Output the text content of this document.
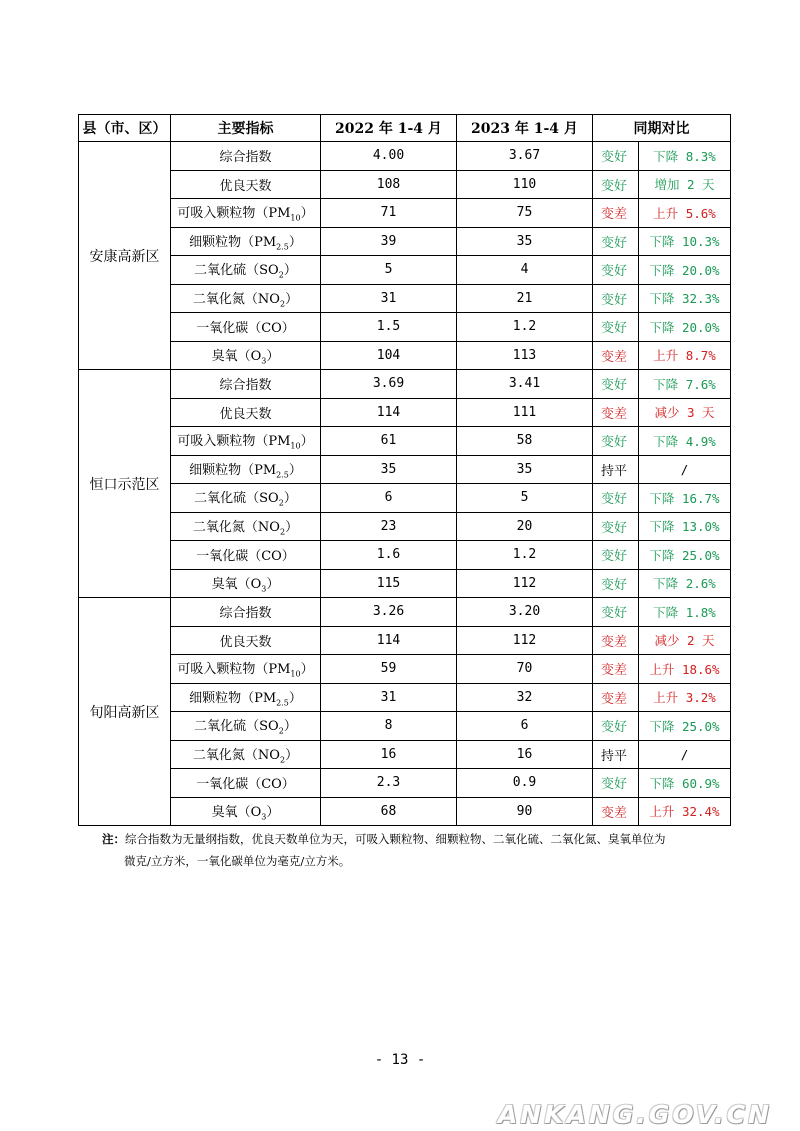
县（市、区）	主要指标	2022 年 1-4 月	2023 年 1-4 月	同期对比	
安康高新区	综合指数	4.00	3.67	变好	下降 8.3%
	优良天数	108	110	变好	增加 2 天
	可吸入颗粒物$(PM_{10})$	71	75	变差	上升 5.6%
	细颗粒物$(PM_{2.5})$	39	35	变好	下降 10.3%
	二氧化硫$(SO_2)$	5	4	变好	下降 20.0%
	二氧化氮$(NO_2)$	31	21	变好	下降 32.3%
	一氧化碳（CO）	1.5	1.2	变好	下降 20.0%
	臭氧$(O_3)$	104	113	变差	上升 8.7%
恒口示范区	综合指数	3.69	3.41	变好	下降 7.6%
	优良天数	114	111	变差	减少 3 天
	可吸入颗粒物$(PM_{10})$	61	58	变好	下降 4.9%
	细颗粒物$(PM_{2.5})$	35	35	持平	/
	二氧化硫$(SO_2)$	6	5	变好	下降 16.7%
	二氧化氮$(NO_2)$	23	20	变好	下降 13.0%
	一氧化碳（CO）	1.6	1.2	变好	下降 25.0%
	臭氧$(O_3)$	115	112	变好	下降 2.6%
旬阳高新区	综合指数	3.26	3.20	变好	下降 1.8%
	优良天数	114	112	变差	减少 2 天
	可吸入颗粒物$(PM_{10})$	59	70	变差	上升 18.6%
	细颗粒物$(PM_{2.5})$	31	32	变差	上升 3.2%
	二氧化硫$(SO_2)$	8	6	变好	下降 25.0%
	二氧化氮$(NO_2)$	16	16	持平	/
	一氧化碳（CO）	2.3	0.9	变好	下降 60.9%
	臭氧$(O_3)$	68	90	变差	上升 32.4%
注：综合指数为无量纲指数，优良天数单位为天，可吸入颗粒物、细颗粒物、二氧化硫、二氧化氮、臭氧单位为
微克/立方米，一氧化碳单位为毫克/立方米。
- 13 -
ANKANG.GOV.CN
